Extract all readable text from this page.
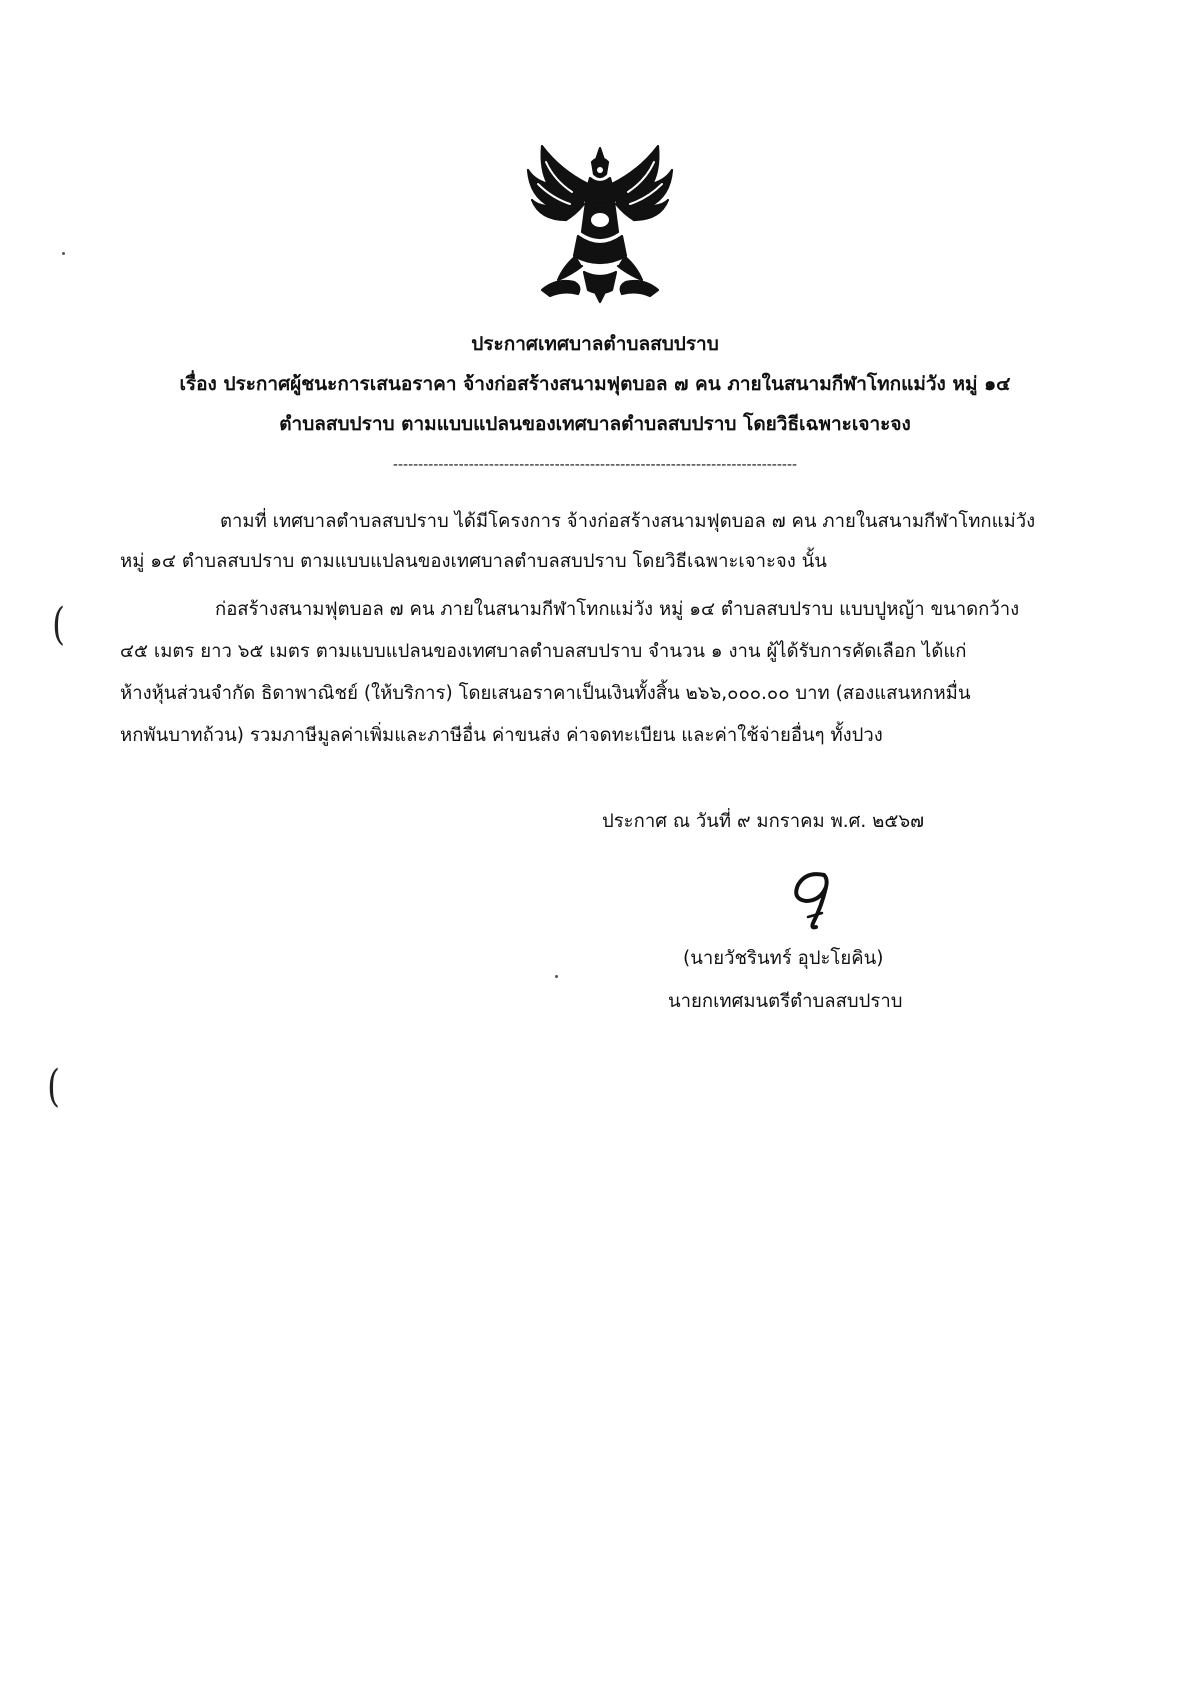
ประกาศเทศบาลตำบลสบปราบ
เรื่อง ประกาศผู้ชนะการเสนอราคา จ้างก่อสร้างสนามฟุตบอล ๗ คน ภายในสนามกีฬาโทกแม่วัง หมู่ ๑๔
ตำบลสบปราบ ตามแบบแปลนของเทศบาลตำบลสบปราบ โดยวิธีเฉพาะเจาะจง
--------------------------------------------------------------------------------
ตามที่ เทศบาลตำบลสบปราบ ได้มีโครงการ จ้างก่อสร้างสนามฟุตบอล ๗ คน ภายในสนามกีฬาโทกแม่วัง
หมู่ ๑๔ ตำบลสบปราบ ตามแบบแปลนของเทศบาลตำบลสบปราบ โดยวิธีเฉพาะเจาะจง นั้น
ก่อสร้างสนามฟุตบอล ๗ คน ภายในสนามกีฬาโทกแม่วัง หมู่ ๑๔ ตำบลสบปราบ แบบปูหญ้า ขนาดกว้าง
๔๕ เมตร ยาว ๖๕ เมตร ตามแบบแปลนของเทศบาลตำบลสบปราบ จำนวน ๑ งาน ผู้ได้รับการคัดเลือก ได้แก่
ห้างหุ้นส่วนจำกัด ธิดาพาณิชย์ (ให้บริการ) โดยเสนอราคาเป็นเงินทั้งสิ้น ๒๖๖,๐๐๐.๐๐ บาท (สองแสนหกหมื่น
หกพันบาทถ้วน) รวมภาษีมูลค่าเพิ่มและภาษีอื่น ค่าขนส่ง ค่าจดทะเบียน และค่าใช้จ่ายอื่นๆ ทั้งปวง
ประกาศ ณ วันที่ ๙ มกราคม พ.ศ. ๒๕๖๗
(นายวัชรินทร์ อุปะโยคิน)
นายกเทศมนตรีตำบลสบปราบ
(
(
